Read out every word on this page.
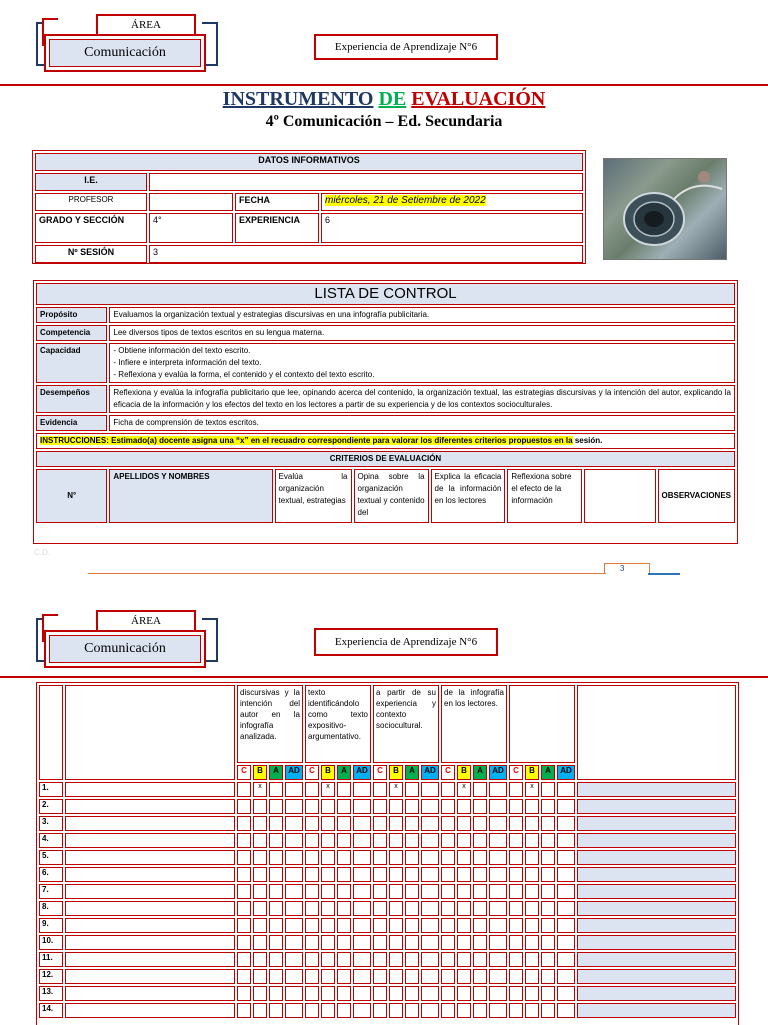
ÁREA
Comunicación	Experiencia de Aprendizaje N°6
INSTRUMENTO DE EVALUACIÓN
4º Comunicación – Ed. Secundaria
DATOS INFORMATIVOS			
I.E.			
PROFESOR		FECHA	miércoles, 21 de Setiembre de 2022
GRADO Y SECCIÓN	4°	EXPERIENCIA	6
Nº SESIÓN	3		
LISTA DE CONTROL							
Propósito	Evaluamos la organización textual y estrategias discursivas en una infografía publicitaria.						
Competencia	Lee diversos tipos de textos escritos en su lengua materna.						
Capacidad	- Obtiene información del texto escrito.
- Infiere e interpreta información del texto.
- Reflexiona y evalúa la forma, el contenido y el contexto del texto escrito.						

Desempeños	Reflexiona y evalúa la infografía publicitario que lee, opinando acerca del contenido, la organización textual, las estrategias discursivas y la intención del autor, explicando la eficacia de la información y los efectos del texto en los lectores a partir de su experiencia y de los contextos socioculturales.						
Evidencia	Ficha de comprensión de textos escritos.						
INSTRUCCIONES: Estimado(a) docente asigna una “x” en el recuadro correspondiente para valorar los diferentes criterios propuestos en la sesión.							
CRITERIOS DE EVALUACIÓN							
N°	APELLIDOS Y NOMBRES	Evalúa la organización textual, estrategias	Opina sobre la organización textual y contenido del	Explica la eficacia de la información en los lectores	Reflexiona sobre el efecto de la información		OBSERVACIONES
C.D.
3
ÁREA
Comunicación	Experiencia de Aprendizaje N°6
		discursivas y la intención del autor en la infografía analizada.				texto identificándolo como texto expositivo-argumentativo.				a partir de su experiencia y contexto sociocultural.				de la infografía en los lectores.								
		C	B	A	AD	C	B	A	AD	C	B	A	AD	C	B	A	AD	C	B	A	AD	
1.			x				x				x				x				x			
2.																						
3.																						
4.																						
5.																						
6.																						
7.																						
8.																						
9.																						
10.																						
11.																						
12.																						
13.																						
14.																						
